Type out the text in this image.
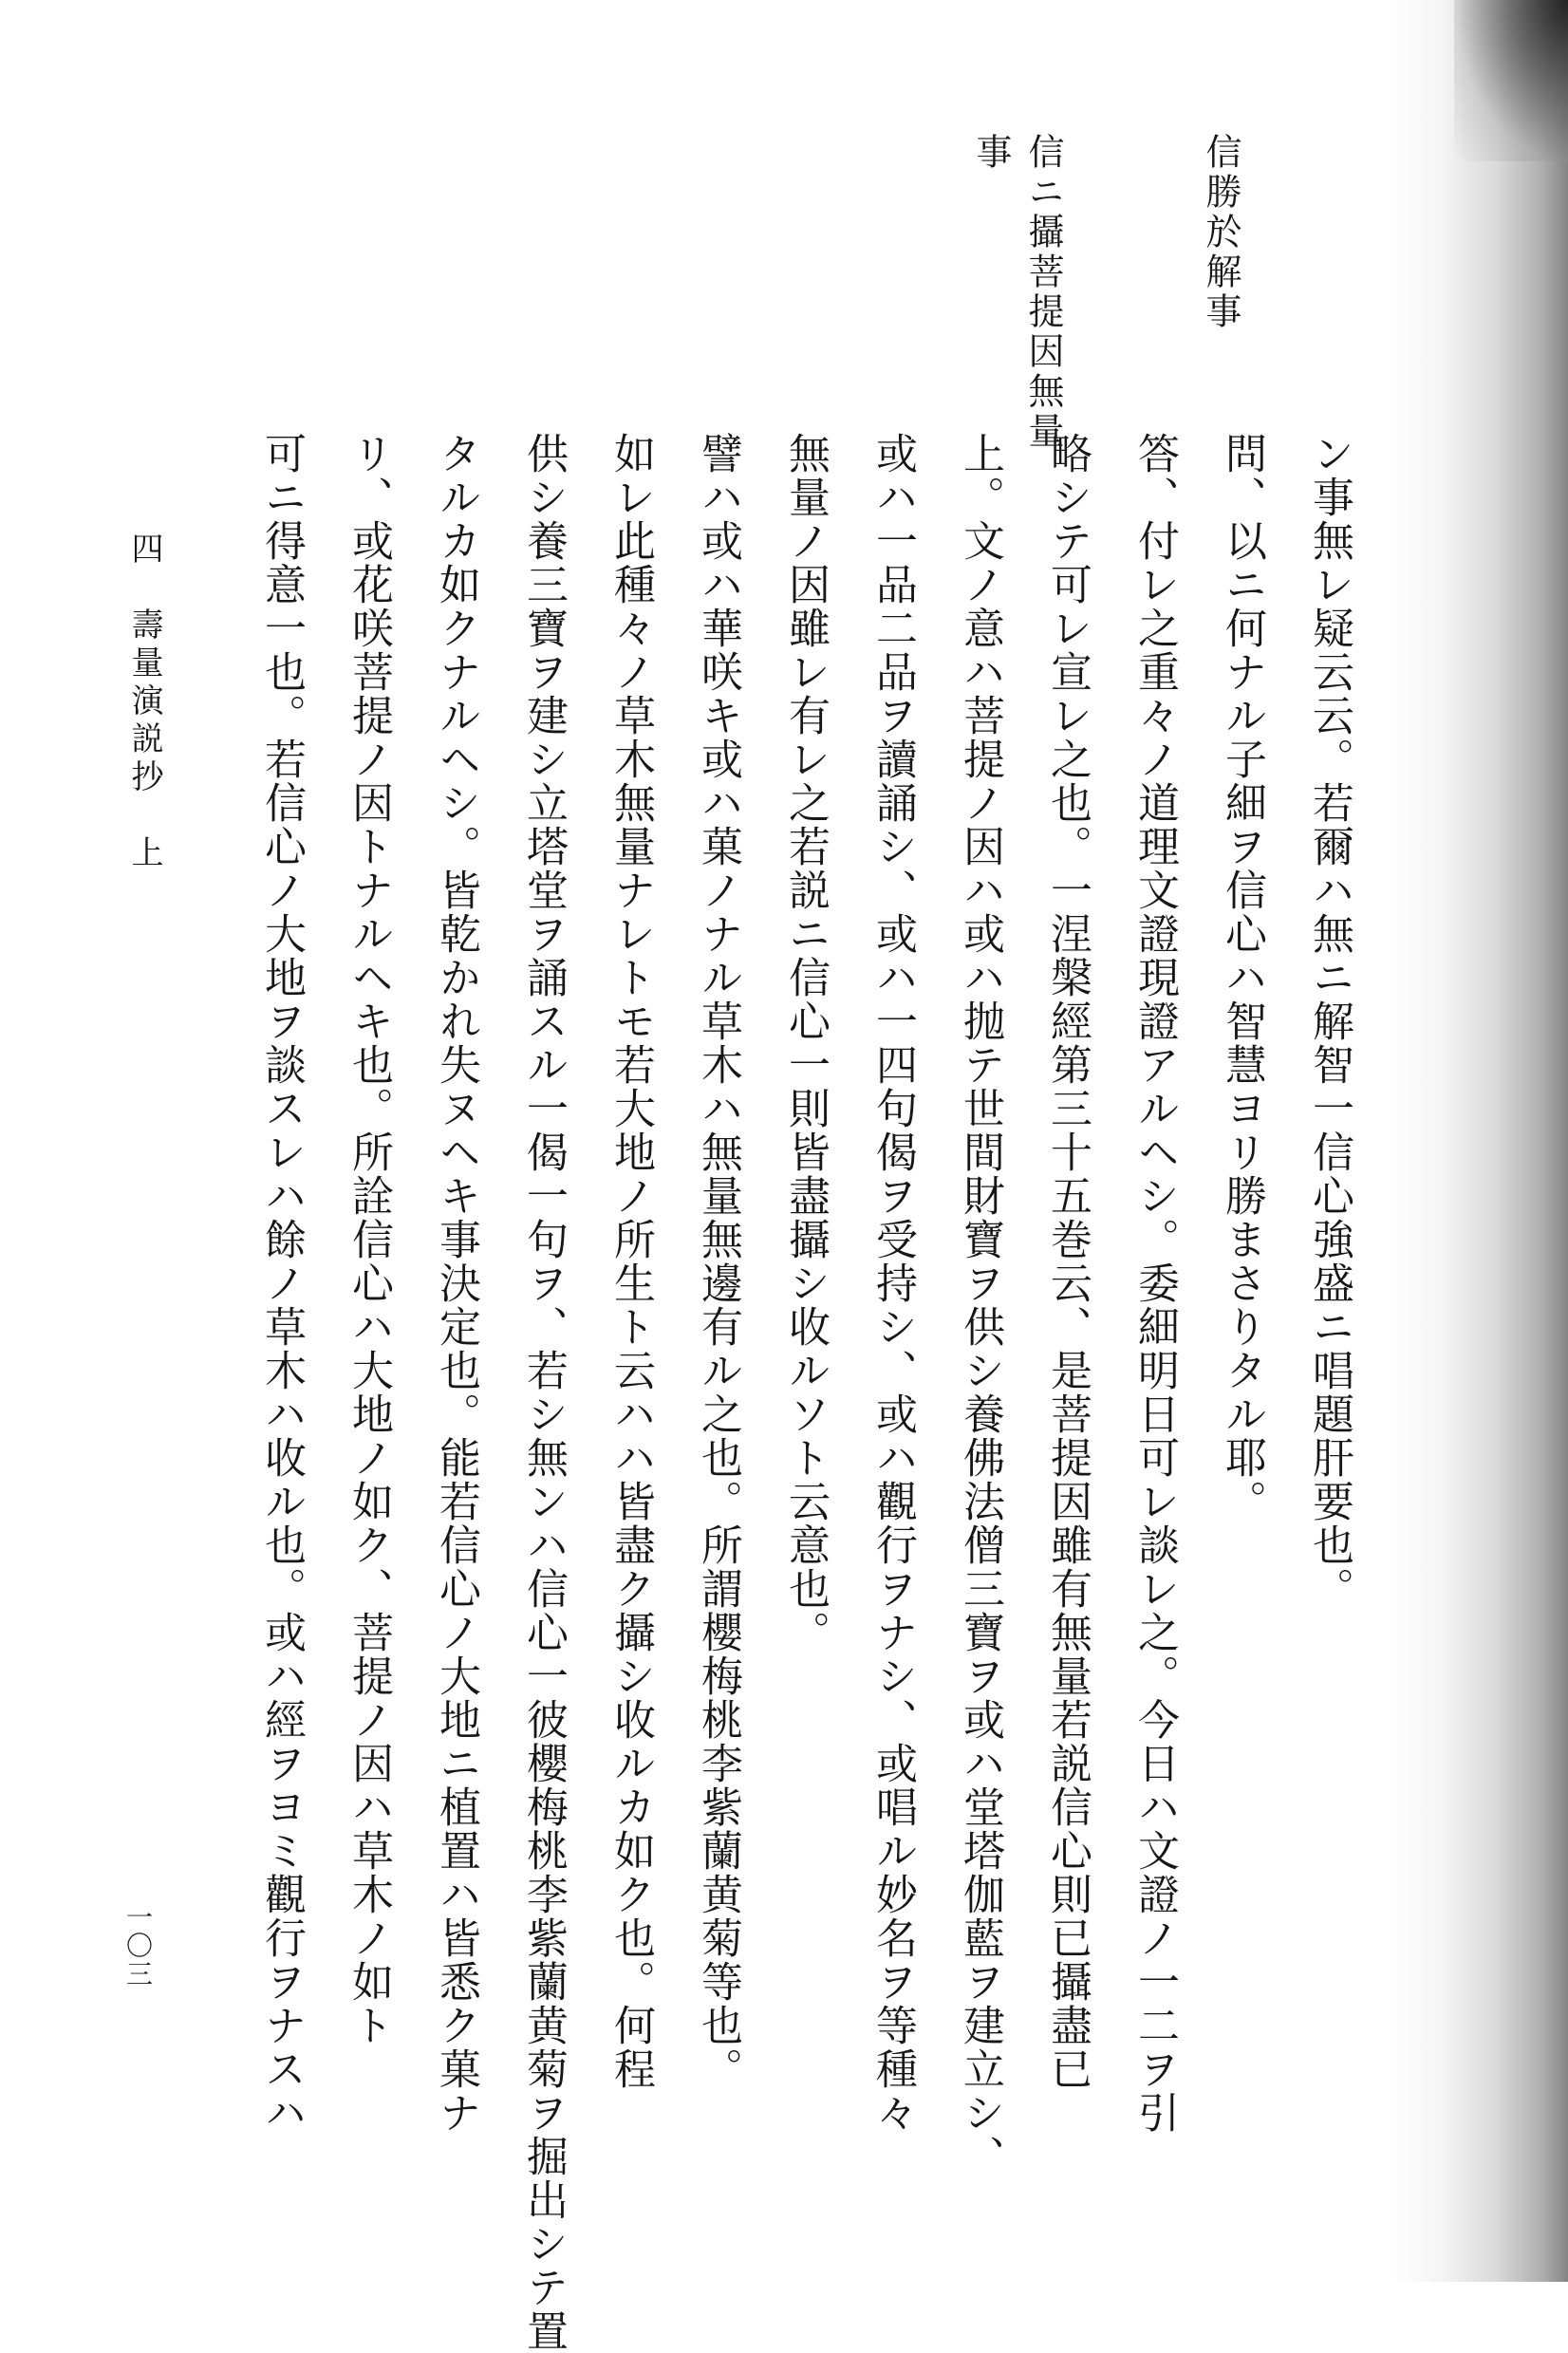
信勝於解事
信ニ攝菩提因無量
事
ン事無レ疑云云。若爾ハ無ニ解智一信心強盛ニ唱題肝要也。
問、以ニ何ナル子細ヲ信心ハ智慧ヨリ勝まさりタル耶。
答、付レ之重々ノ道理文證現證アルヘシ。委細明日可レ談レ之。今日ハ文證ノ一二ヲ引
略シテ可レ宣レ之也。一涅槃經第三十五巻云、是菩提因雖有無量若説信心則已攝盡已
上。文ノ意ハ菩提ノ因ハ或ハ抛テ世間財寶ヲ供シ養佛法僧三寶ヲ或ハ堂塔伽藍ヲ建立シ、
或ハ一品二品ヲ讀誦シ、或ハ一四句偈ヲ受持シ、或ハ觀行ヲナシ、或唱ル妙名ヲ等種々
無量ノ因雖レ有レ之若説ニ信心一則皆盡攝シ收ルソト云意也。
譬ハ或ハ華咲キ或ハ菓ノナル草木ハ無量無邊有ル之也。所謂櫻梅桃李紫蘭黄菊等也。
如レ此種々ノ草木無量ナレトモ若大地ノ所生ト云ハハ皆盡ク攝シ收ルカ如ク也。何程
供シ養三寶ヲ建シ立塔堂ヲ誦スル一偈一句ヲ、若シ無ンハ信心一彼櫻梅桃李紫蘭黄菊ヲ掘出シテ置
タルカ如クナルヘシ。皆乾かれ失ヌヘキ事決定也。能若信心ノ大地ニ植置ハ皆悉ク菓ナ
リ、或花咲菩提ノ因トナルヘキ也。所詮信心ハ大地ノ如ク、菩提ノ因ハ草木ノ如ト
可ニ得意一也。若信心ノ大地ヲ談スレハ餘ノ草木ハ收ル也。或ハ經ヲヨミ觀行ヲナスハ
四　壽量演説抄　上
一〇三
